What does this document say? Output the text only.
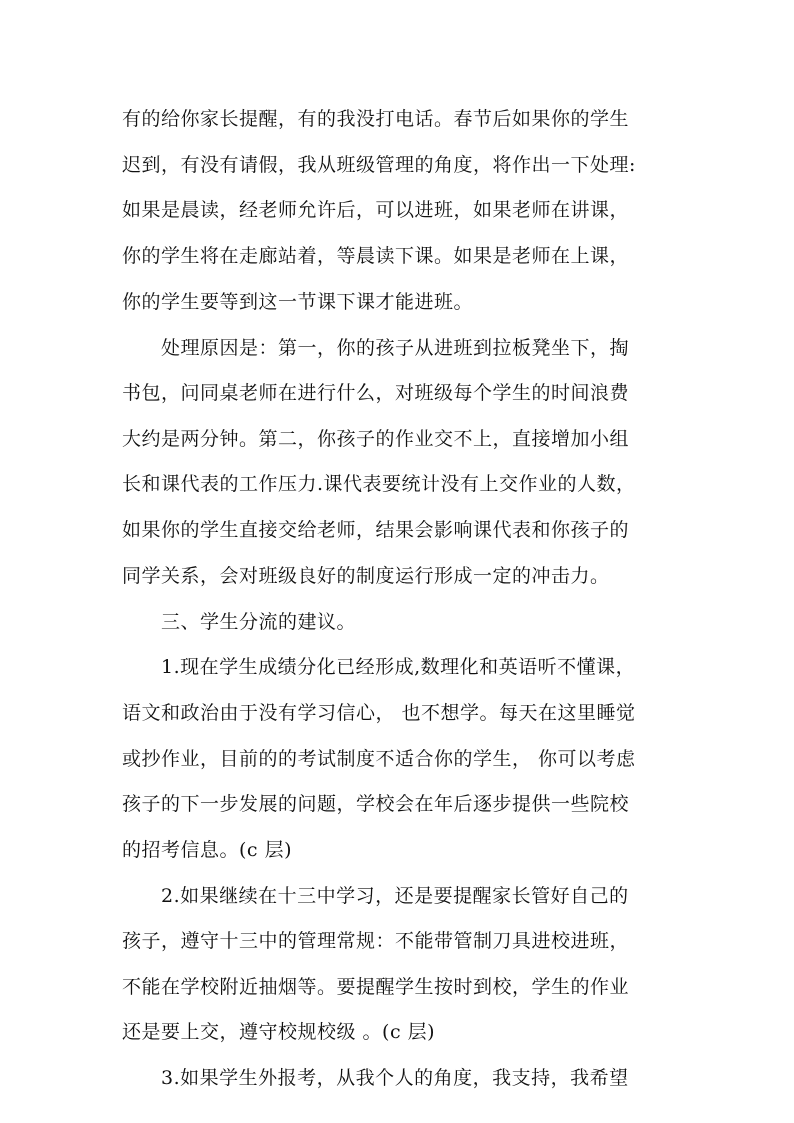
有的给你家长提醒，有的我没打电话。春节后如果你的学生
迟到，有没有请假，我从班级管理的角度，将作出一下处理:
如果是晨读，经老师允许后，可以进班，如果老师在讲课，
你的学生将在走廊站着，等晨读下课。如果是老师在上课，
你的学生要等到这一节课下课才能进班。
处理原因是：第一，你的孩子从进班到拉板凳坐下，掏
书包，问同桌老师在进行什么，对班级每个学生的时间浪费
大约是两分钟。第二，你孩子的作业交不上，直接增加小组
长和课代表的工作压力.课代表要统计没有上交作业的人数，
如果你的学生直接交给老师，结果会影响课代表和你孩子的
同学关系，会对班级良好的制度运行形成一定的冲击力。
三、学生分流的建议。
1.现在学生成绩分化已经形成,数理化和英语听不懂课，
语文和政治由于没有学习信心， 也不想学。每天在这里睡觉
或抄作业，目前的的考试制度不适合你的学生， 你可以考虑
孩子的下一步发展的问题，学校会在年后逐步提供一些院校
的招考信息。(c 层)
2.如果继续在十三中学习，还是要提醒家长管好自己的
孩子，遵守十三中的管理常规：不能带管制刀具进校进班，
不能在学校附近抽烟等。要提醒学生按时到校，学生的作业
还是要上交，遵守校规校级 。(c 层)
3.如果学生外报考，从我个人的角度，我支持，我希望
